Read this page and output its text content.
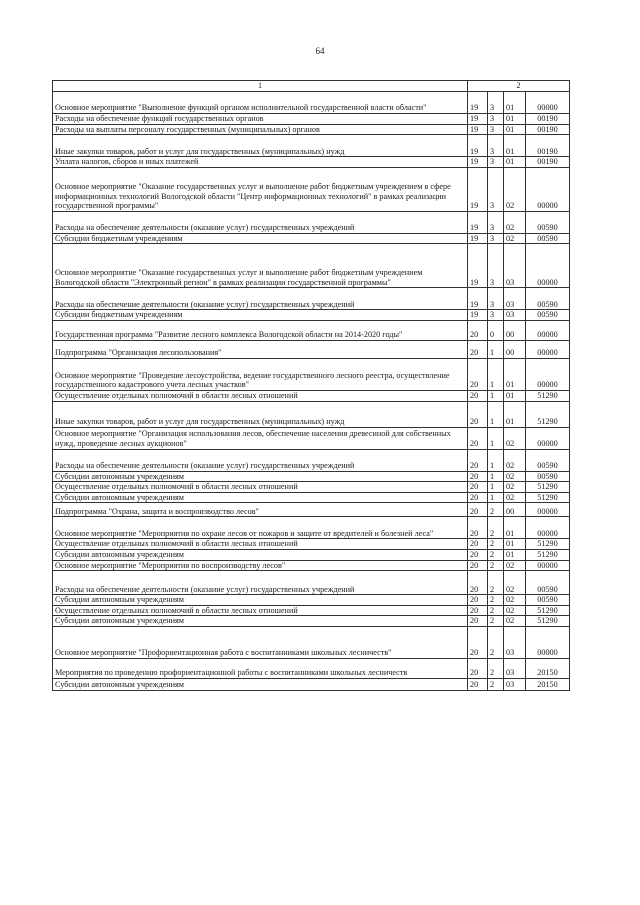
64
1	2			
Основное мероприятие "Выполнение функций органом исполнительной государственной власти области"	19	3	01	00000
Расходы на обеспечение функций государственных органов	19	3	01	00190
Расходы на выплаты персоналу государственных (муниципальных) органов	19	3	01	00190
Иные закупки товаров, работ и услуг для государственных (муниципальных) нужд	19	3	01	00190
Уплата налогов, сборов и иных платежей	19	3	01	00190
Основное мероприятие "Оказание государственных услуг и выполнение работ бюджетным учреждением в сфере информационных технологий Вологодской области "Центр информационных технологий" в рамках реализации государственной программы"	19	3	02	00000
Расходы на обеспечение деятельности (оказание услуг) государственных учреждений	19	3	02	00590
Субсидии бюджетным учреждениям	19	3	02	00590
Основное мероприятие "Оказание государственных услуг и выполнение работ бюджетным учреждением Вологодской области "Электронный регион" в рамках реализации государственной программы"	19	3	03	00000
Расходы на обеспечение деятельности (оказание услуг) государственных учреждений	19	3	03	00590
Субсидии бюджетным учреждениям	19	3	03	00590
Государственная программа "Развитие лесного комплекса Вологодской области на 2014-2020 годы"	20	0	00	00000
Подпрограмма "Организация лесопользования"	20	1	00	00000
Основное мероприятие "Проведение лесоустройства, ведение государственного лесного реестра, осуществление государственного кадастрового учета лесных участков"	20	1	01	00000
Осуществление отдельных полномочий в области лесных отношений	20	1	01	51290
Иные закупки товаров, работ и услуг для государственных (муниципальных) нужд	20	1	01	51290
Основное мероприятие "Организация использования лесов, обеспечение населения древесиной для собственных нужд, проведение лесных аукционов"	20	1	02	00000
Расходы на обеспечение деятельности (оказание услуг) государственных учреждений	20	1	02	00590
Субсидии автономным учреждениям	20	1	02	00590
Осуществление отдельных полномочий в области лесных отношений	20	1	02	51290
Субсидии автономным учреждениям	20	1	02	51290
Подпрограмма "Охрана, защита и воспроизводство лесов"	20	2	00	00000
Основное мероприятие "Мероприятия по охране лесов от пожаров и защите от вредителей и болезней леса"	20	2	01	00000
Осуществление отдельных полномочий в области лесных отношений	20	2	01	51290
Субсидии автономным учреждениям	20	2	01	51290
Основное мероприятие "Мероприятия по воспроизводству лесов"	20	2	02	00000
Расходы на обеспечение деятельности (оказание услуг) государственных учреждений	20	2	02	00590
Субсидии автономным учреждениям	20	2	02	00590
Осуществление отдельных полномочий в области лесных отношений	20	2	02	51290
Субсидии автономным учреждениям	20	2	02	51290
Основное мероприятие "Профориентационная работа с воспитанниками школьных лесничеств"	20	2	03	00000
Мероприятия по проведению профориентационной работы с воспитанниками школьных лесничеств	20	2	03	20150
Субсидии автономным учреждениям	20	2	03	20150
